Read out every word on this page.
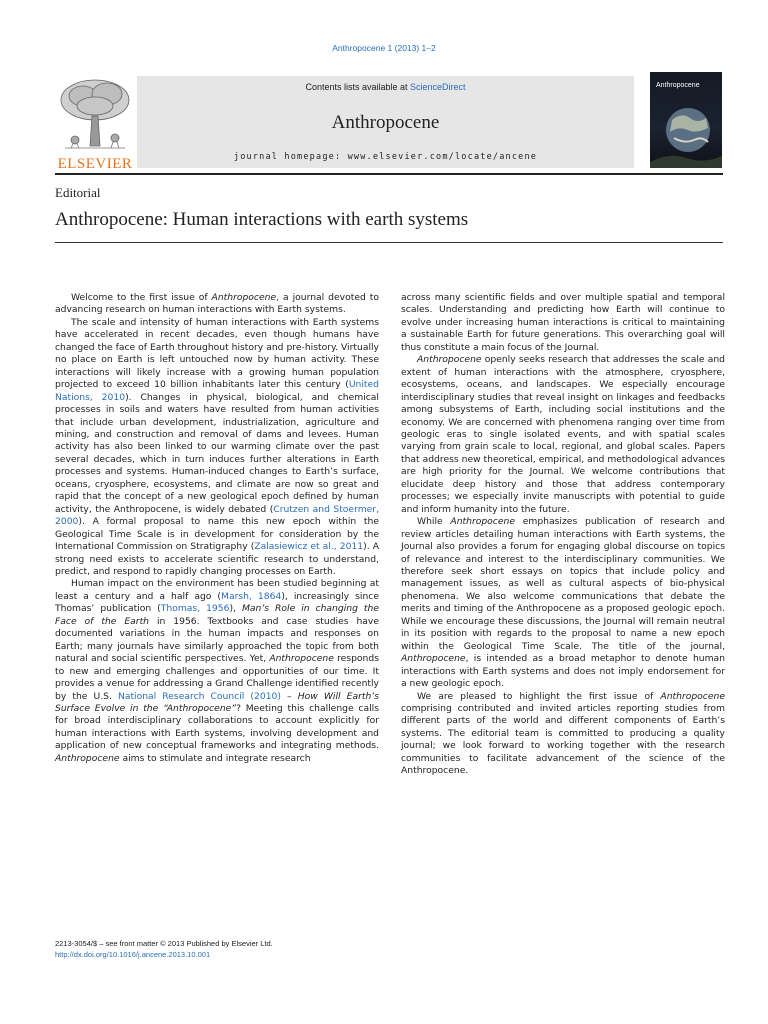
Anthropocene 1 (2013) 1–2
ELSEVIER
Contents lists available at ScienceDirect
Anthropocene
journal homepage: www.elsevier.com/locate/ancene
Anthropocene
Editorial
Anthropocene: Human interactions with earth systems

Welcome to the first issue of Anthropocene, a journal devoted to advancing research on human interactions with Earth systems.

The scale and intensity of human interactions with Earth systems have accelerated in recent decades, even though humans have changed the face of Earth throughout history and pre-history. Virtually no place on Earth is left untouched now by human activity. These interactions will likely increase with a growing human population projected to exceed 10 billion inhabitants later this century (United Nations, 2010). Changes in physical, biological, and chemical processes in soils and waters have resulted from human activities that include urban development, industrialization, agriculture and mining, and construction and removal of dams and levees. Human activity has also been linked to our warming climate over the past several decades, which in turn induces further alterations in Earth processes and systems. Human-induced changes to Earth’s surface, oceans, cryosphere, ecosystems, and climate are now so great and rapid that the concept of a new geological epoch defined by human activity, the Anthropocene, is widely debated (Crutzen and Stoermer, 2000). A formal proposal to name this new epoch within the Geological Time Scale is in development for consideration by the International Commission on Stratigraphy (Zalasiewicz et al., 2011). A strong need exists to accelerate scientific research to understand, predict, and respond to rapidly changing processes on Earth.

Human impact on the environment has been studied beginning at least a century and a half ago (Marsh, 1864), increasingly since Thomas’ publication (Thomas, 1956), Man’s Role in changing the Face of the Earth in 1956. Textbooks and case studies have documented variations in the human impacts and responses on Earth; many journals have similarly approached the topic from both natural and social scientific perspectives. Yet, Anthropocene responds to new and emerging challenges and opportunities of our time. It provides a venue for addressing a Grand Challenge identified recently by the U.S. National Research Council (2010) – How Will Earth’s Surface Evolve in the “Anthropocene”? Meeting this challenge calls for broad interdisciplinary collaborations to account explicitly for human interactions with Earth systems, involving development and application of new conceptual frameworks and integrating methods. Anthropocene aims to stimulate and integrate research

across many scientific fields and over multiple spatial and temporal scales. Understanding and predicting how Earth will continue to evolve under increasing human interactions is critical to maintaining a sustainable Earth for future generations. This overarching goal will thus constitute a main focus of the Journal.

Anthropocene openly seeks research that addresses the scale and extent of human interactions with the atmosphere, cryosphere, ecosystems, oceans, and landscapes. We especially encourage interdisciplinary studies that reveal insight on linkages and feedbacks among subsystems of Earth, including social institutions and the economy. We are concerned with phenomena ranging over time from geologic eras to single isolated events, and with spatial scales varying from grain scale to local, regional, and global scales. Papers that address new theoretical, empirical, and methodological advances are high priority for the Journal. We welcome contributions that elucidate deep history and those that address contemporary processes; we especially invite manuscripts with potential to guide and inform humanity into the future.

While Anthropocene emphasizes publication of research and review articles detailing human interactions with Earth systems, the Journal also provides a forum for engaging global discourse on topics of relevance and interest to the interdisciplinary communities. We therefore seek short essays on topics that include policy and management issues, as well as cultural aspects of bio-physical phenomena. We also welcome communications that debate the merits and timing of the Anthropocene as a proposed geologic epoch. While we encourage these discussions, the Journal will remain neutral in its position with regards to the proposal to name a new epoch within the Geological Time Scale. The title of the journal, Anthropocene, is intended as a broad metaphor to denote human interactions with Earth systems and does not imply endorsement for a new geologic epoch.

We are pleased to highlight the first issue of Anthropocene comprising contributed and invited articles reporting studies from different parts of the world and different components of Earth’s systems. The editorial team is committed to producing a quality journal; we look forward to working together with the research communities to facilitate advancement of the science of the Anthropocene.

2213-3054/$ – see front matter © 2013 Published by Elsevier Ltd.
http://dx.doi.org/10.1016/j.ancene.2013.10.001
